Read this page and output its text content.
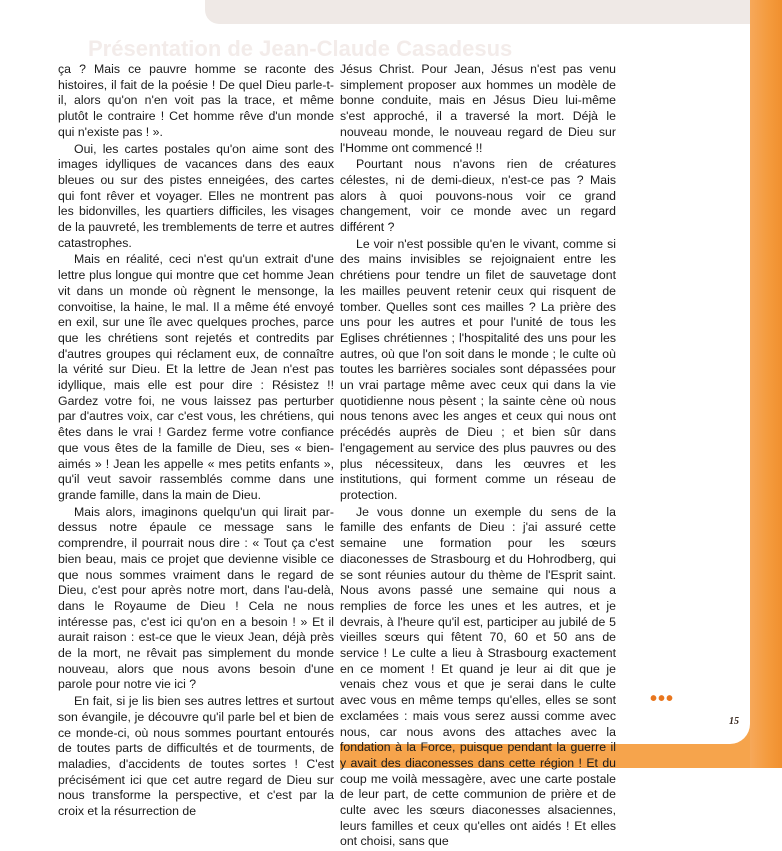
Présentation de Jean-Claude Casadesus

ça ? Mais ce pauvre homme se raconte des histoires, il fait de la poésie ! De quel Dieu parle-t-il, alors qu'on n'en voit pas la trace, et même plutôt le contraire ! Cet homme rêve d'un monde qui n'existe pas ! ».

Oui, les cartes postales qu'on aime sont des images idylliques de vacances dans des eaux bleues ou sur des pistes enneigées, des cartes qui font rêver et voyager. Elles ne montrent pas les bidonvilles, les quartiers difficiles, les visages de la pauvreté, les tremblements de terre et autres catastrophes.

Mais en réalité, ceci n'est qu'un extrait d'une lettre plus longue qui montre que cet homme Jean vit dans un monde où règnent le mensonge, la convoitise, la haine, le mal. Il a même été envoyé en exil, sur une île avec quelques proches, parce que les chrétiens sont rejetés et contredits par d'autres groupes qui réclament eux, de connaître la vérité sur Dieu. Et la lettre de Jean n'est pas idyllique, mais elle est pour dire : Résistez !! Gardez votre foi, ne vous laissez pas perturber par d'autres voix, car c'est vous, les chrétiens, qui êtes dans le vrai ! Gardez ferme votre confiance que vous êtes de la famille de Dieu, ses « bien-aimés » ! Jean les appelle « mes petits enfants », qu'il veut savoir rassemblés comme dans une grande famille, dans la main de Dieu.

Mais alors, imaginons quelqu'un qui lirait par-dessus notre épaule ce message sans le comprendre, il pourrait nous dire : « Tout ça c'est bien beau, mais ce projet que devienne visible ce que nous sommes vraiment dans le regard de Dieu, c'est pour après notre mort, dans l'au-delà, dans le Royaume de Dieu ! Cela ne nous intéresse pas, c'est ici qu'on en a besoin ! » Et il aurait raison : est-ce que le vieux Jean, déjà près de la mort, ne rêvait pas simplement du monde nouveau, alors que nous avons besoin d'une parole pour notre vie ici ?

En fait, si je lis bien ses autres lettres et surtout son évangile, je découvre qu'il parle bel et bien de ce monde-ci, où nous sommes pourtant entourés de toutes parts de difficultés et de tourments, de maladies, d'accidents de toutes sortes ! C'est précisément ici que cet autre regard de Dieu sur nous transforme la perspective, et c'est par la croix et la résurrection de

Jésus Christ. Pour Jean, Jésus n'est pas venu simplement proposer aux hommes un modèle de bonne conduite, mais en Jésus Dieu lui-même s'est approché, il a traversé la mort. Déjà le nouveau monde, le nouveau regard de Dieu sur l'Homme ont commencé !!

Pourtant nous n'avons rien de créatures célestes, ni de demi-dieux, n'est-ce pas ? Mais alors à quoi pouvons-nous voir ce grand changement, voir ce monde avec un regard différent ?

Le voir n'est possible qu'en le vivant, comme si des mains invisibles se rejoignaient entre les chrétiens pour tendre un filet de sauvetage dont les mailles peuvent retenir ceux qui risquent de tomber. Quelles sont ces mailles ? La prière des uns pour les autres et pour l'unité de tous les Eglises chrétiennes ; l'hospitalité des uns pour les autres, où que l'on soit dans le monde ; le culte où toutes les barrières sociales sont dépassées pour un vrai partage même avec ceux qui dans la vie quotidienne nous pèsent ; la sainte cène où nous nous tenons avec les anges et ceux qui nous ont précédés auprès de Dieu ; et bien sûr dans l'engagement au service des plus pauvres ou des plus nécessiteux, dans les œuvres et les institutions, qui forment comme un réseau de protection.

Je vous donne un exemple du sens de la famille des enfants de Dieu : j'ai assuré cette semaine une formation pour les sœurs diaconesses de Strasbourg et du Hohrodberg, qui se sont réunies autour du thème de l'Esprit saint. Nous avons passé une semaine qui nous a remplies de force les unes et les autres, et je devrais, à l'heure qu'il est, participer au jubilé de 5 vieilles sœurs qui fêtent 70, 60 et 50 ans de service ! Le culte a lieu à Strasbourg exactement en ce moment ! Et quand je leur ai dit que je venais chez vous et que je serai dans le culte avec vous en même temps qu'elles, elles se sont exclamées : mais vous serez aussi comme avec nous, car nous avons des attaches avec la fondation à la Force, puisque pendant la guerre il y avait des diaconesses dans cette région ! Et du coup me voilà messagère, avec une carte postale de leur part, de cette communion de prière et de culte avec les sœurs diaconesses alsaciennes, leurs familles et ceux qu'elles ont aidés ! Et elles ont choisi, sans que

•••
15
